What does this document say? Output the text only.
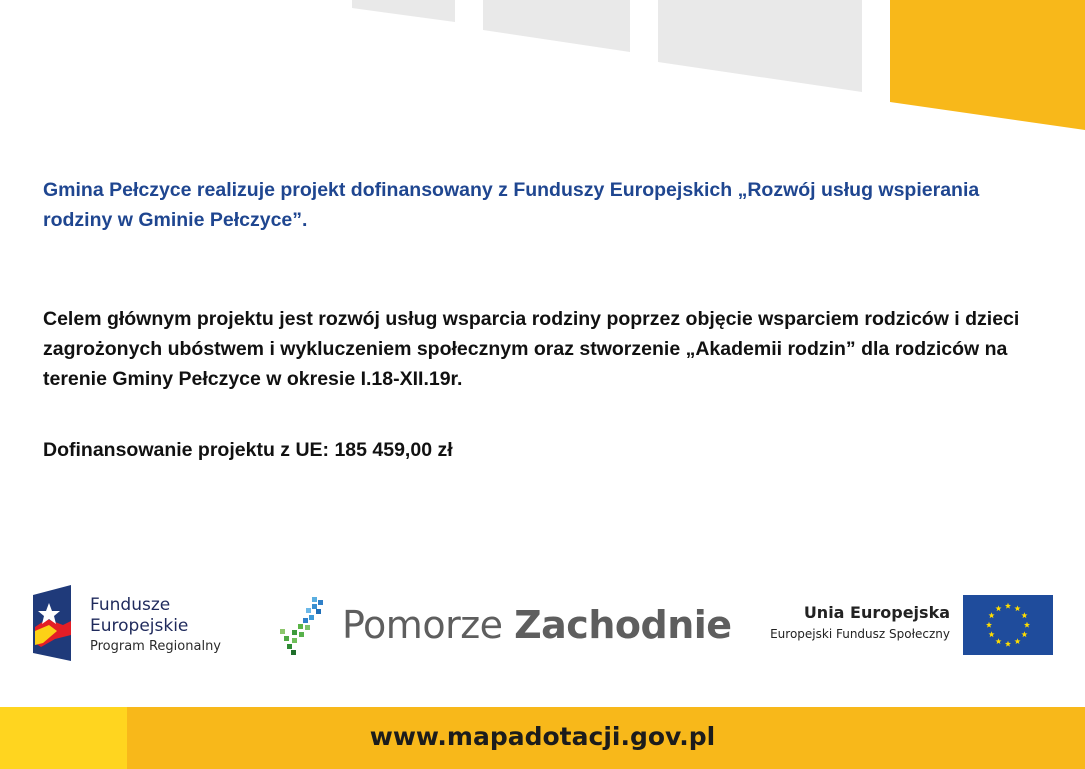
Gmina Pełczyce realizuje projekt dofinansowany z Funduszy Europejskich „Rozwój usług wspierania rodziny w Gminie Pełczyce”.

Celem głównym projektu jest rozwój usług wsparcia rodziny poprzez objęcie wsparciem rodziców i dzieci zagrożonych ubóstwem i wykluczeniem społecznym oraz stworzenie „Akademii rodzin” dla rodziców na terenie Gminy Pełczyce w okresie I.18-XII.19r.

Dofinansowanie projektu z UE: 185 459,00 zł

Fundusze
Europejskie
Program Regionalny	Pomorze Zachodnie	Unia Europejska
Europejski Fundusz Społeczny
www.mapadotacji.gov.pl
